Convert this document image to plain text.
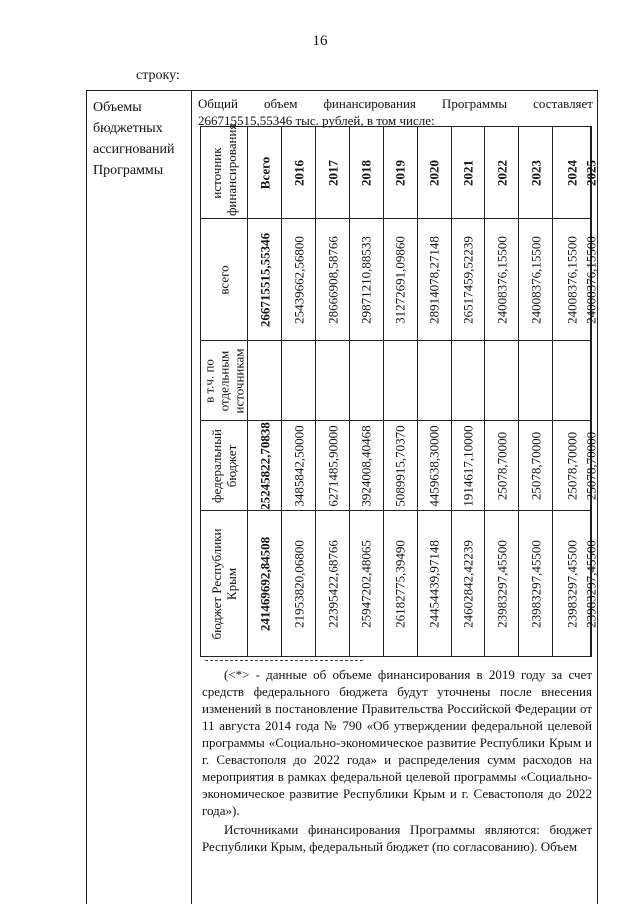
16
строку:
Объемы
бюджетных
ассигнований
Программы
Общий объем финансирования Программы составляет
266715515,55346 тыс. рублей, в том числе:
источник финансирования	Всего	2016	2017	2018	2019	2020	2021	2022	2023	2024	2025

всего	266715515,55346	25439662,56800	28666908,58766	29871210,88533	31272691,09860	28914078,27148	26517459,52239	24008376,15500	24008376,15500	24008376,15500	24008376,15500

в т.ч. по отдельным источникам											

федеральный бюджет	25245822,70838	3485842,50000	6271485,90000	3924008,40468	5089915,70370	4459638,30000	1914617,10000	25078,70000	25078,70000	25078,70000	25078,70000

бюджет Республики Крым	241469692,84508	21953820,06800	22395422,68766	25947202,48065	26182775,39490	24454439,97148	24602842,42239	23983297,45500	23983297,45500	23983297,45500	23983297,45500

(<*> - данные об объеме финансирования в 2019 году за счет средств федерального бюджета будут уточнены после внесения изменений в постановление Правительства Российской Федерации от 11 августа 2014 года № 790 «Об утверждении федеральной целевой программы «Социально-экономическое развитие Республики Крым и г. Севастополя до 2022 года» и распределения сумм расходов на мероприятия в рамках федеральной целевой программы «Социально-экономическое развитие Республики Крым и г. Севастополя до 2022 года»).

Источниками финансирования Программы являются: бюджет Республики Крым, федеральный бюджет (по согласованию). Объем
